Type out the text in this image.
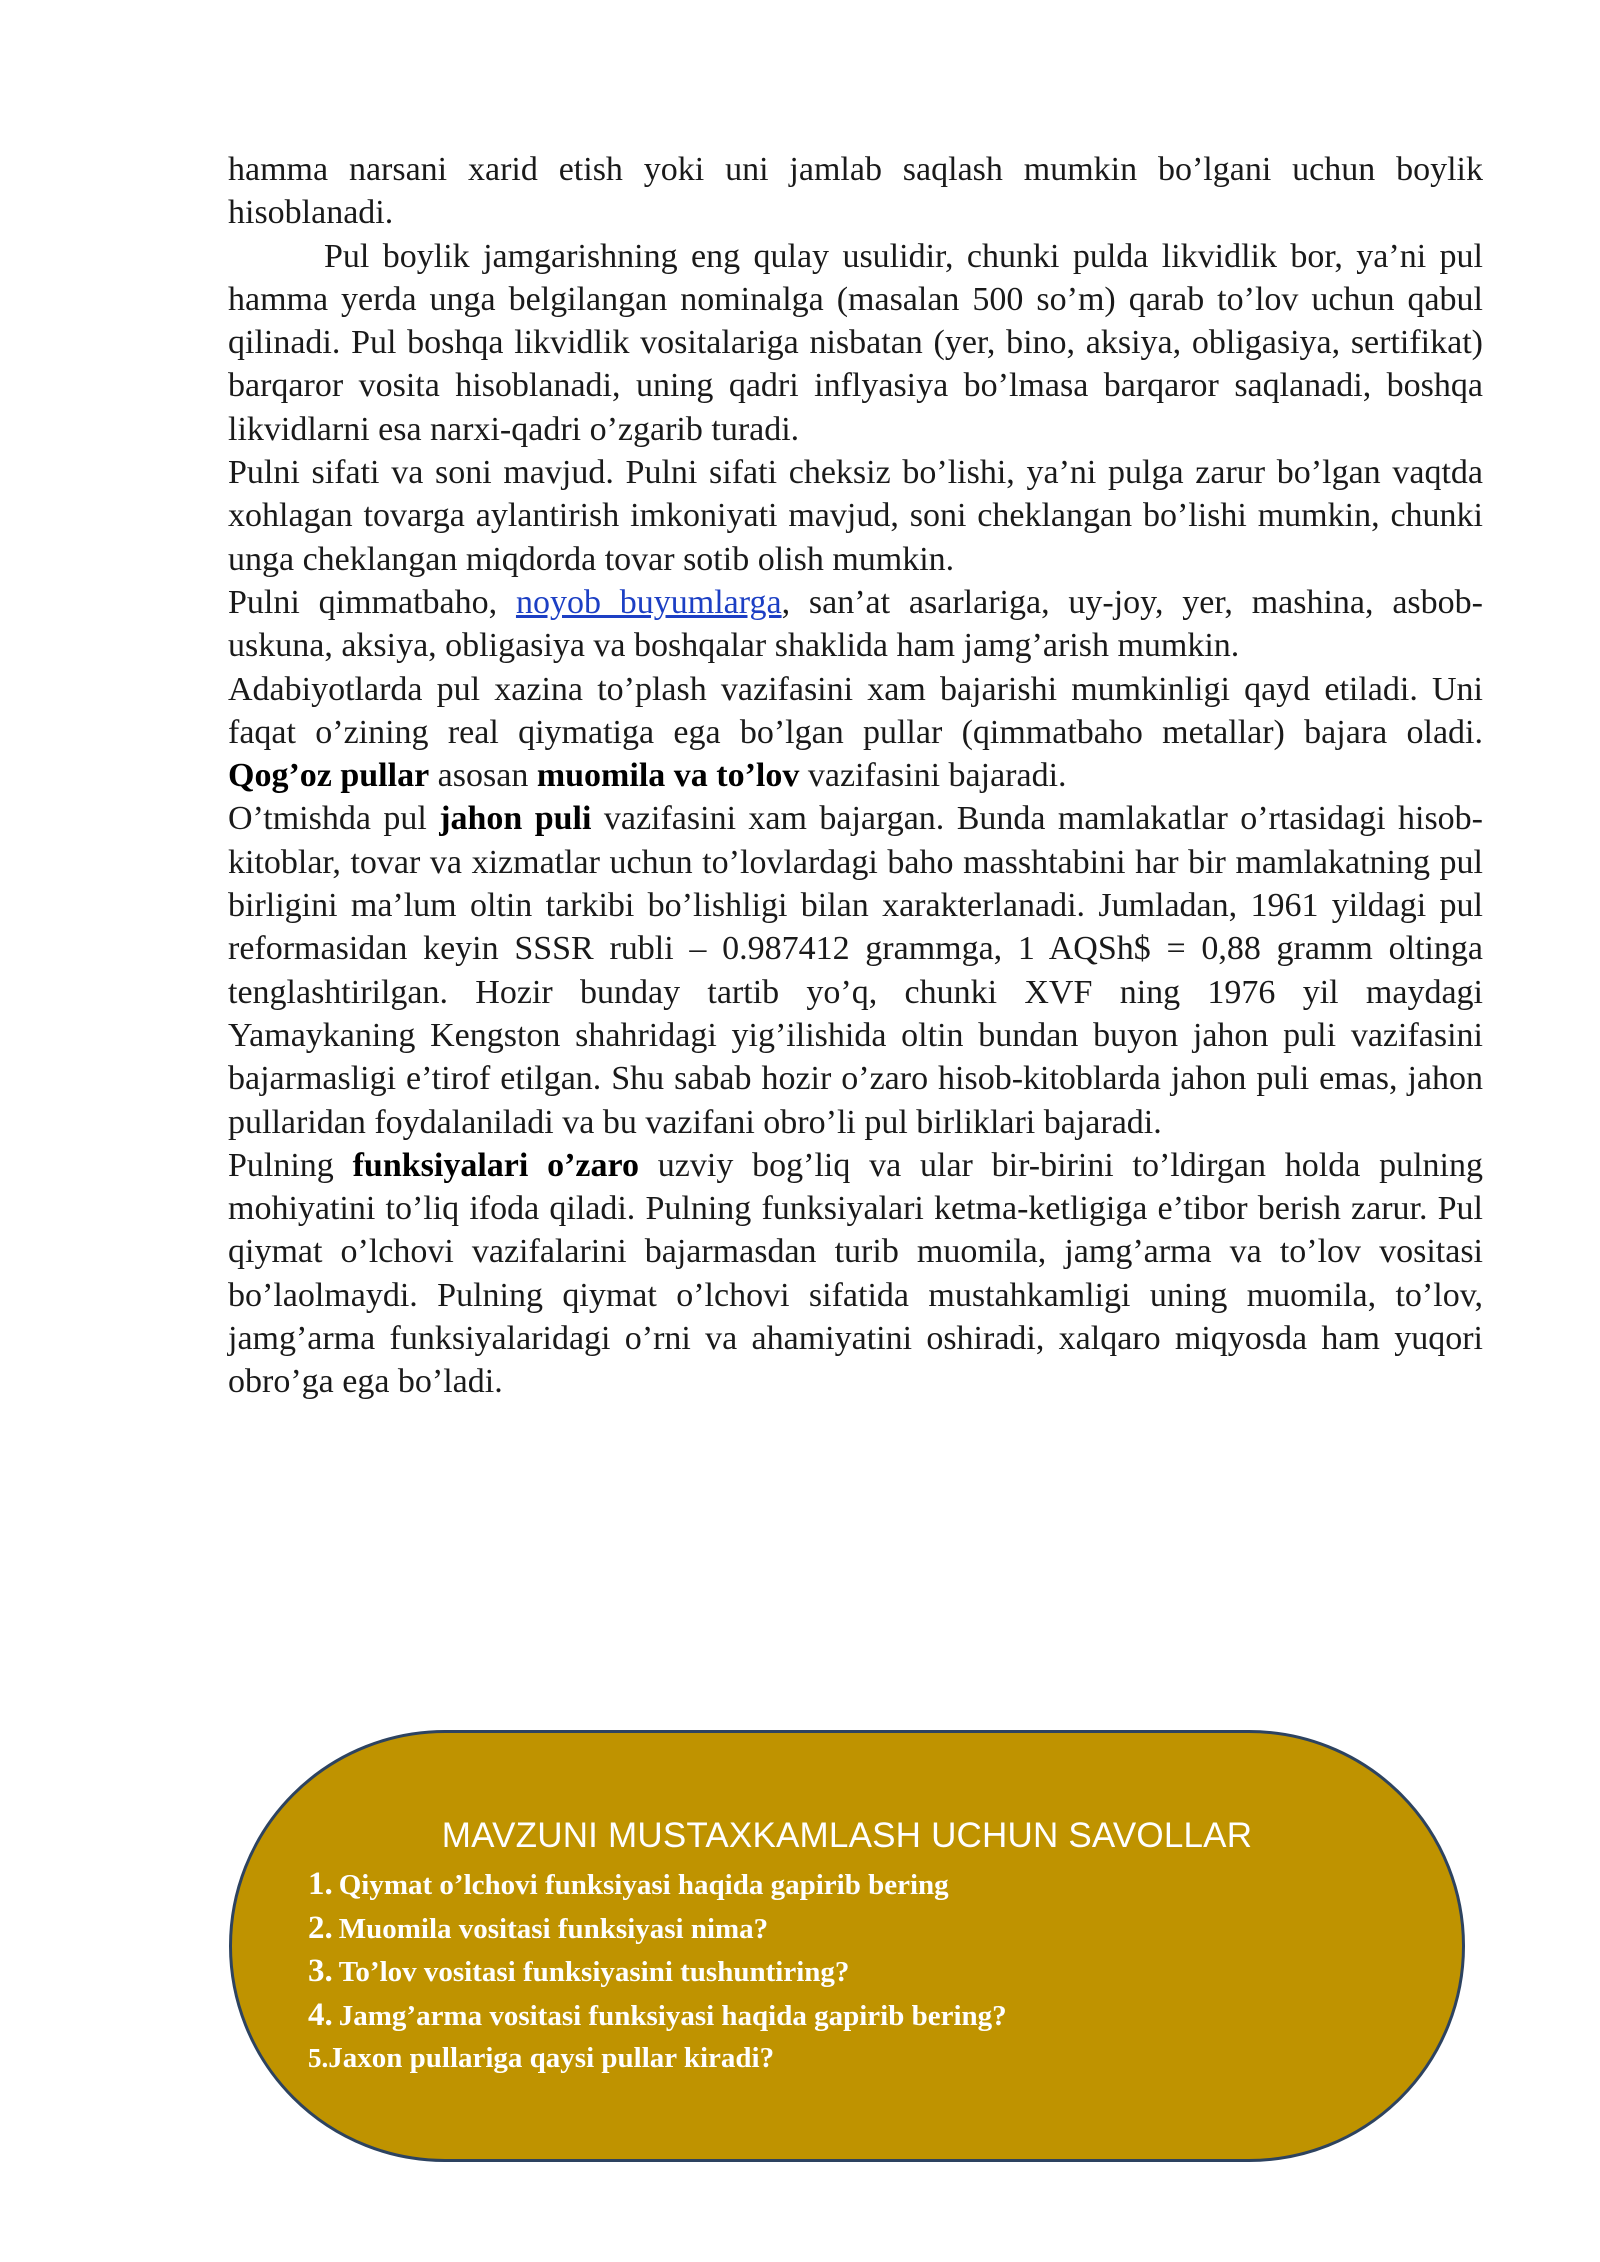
hamma narsani xarid etish yoki uni jamlab saqlash mumkin bo’lgani uchun boylik hisoblanadi.

Pul boylik jamgarishning eng qulay usulidir, chunki pulda likvidlik bor, ya’ni pul hamma yerda unga belgilangan nominalga (masalan 500 so’m) qarab to’lov uchun qabul qilinadi. Pul boshqa likvidlik vositalariga nisbatan (yer, bino, aksiya, obligasiya, sertifikat) barqaror vosita hisoblanadi, uning qadri inflyasiya bo’lmasa barqaror saqlanadi, boshqa likvidlarni esa narxi-qadri o’zgarib turadi.

Pulni sifati va soni mavjud. Pulni sifati cheksiz bo’lishi, ya’ni pulga zarur bo’lgan vaqtda xohlagan tovarga aylantirish imkoniyati mavjud, soni cheklangan bo’lishi mumkin, chunki unga cheklangan miqdorda tovar sotib olish mumkin.

Pulni qimmatbaho, noyob buyumlarga, san’at asarlariga, uy-joy, yer, mashina, asbob-uskuna, aksiya, obligasiya va boshqalar shaklida ham jamg’arish mumkin.

Adabiyotlarda pul xazina to’plash vazifasini xam bajarishi mumkinligi qayd etiladi. Uni faqat o’zining real qiymatiga ega bo’lgan pullar (qimmatbaho metallar) bajara oladi. Qog’oz pullar asosan muomila va to’lov vazifasini bajaradi.

O’tmishda pul jahon puli vazifasini xam bajargan. Bunda mamlakatlar o’rtasidagi hisob-kitoblar, tovar va xizmatlar uchun to’lovlardagi baho masshtabini har bir mamlakatning pul birligini ma’lum oltin tarkibi bo’lishligi bilan xarakterlanadi. Jumladan, 1961 yildagi pul reformasidan keyin SSSR rubli – 0.987412 grammga, 1 AQSh$ = 0,88 gramm oltinga tenglashtirilgan. Hozir bunday tartib yo’q, chunki XVF ning 1976 yil maydagi Yamaykaning Kengston shahridagi yig’ilishida oltin bundan buyon jahon puli vazifasini bajarmasligi e’tirof etilgan. Shu sabab hozir o’zaro hisob-kitoblarda jahon puli emas, jahon pullaridan foydalaniladi va bu vazifani obro’li pul birliklari bajaradi.

Pulning funksiyalari o’zaro uzviy bog’liq va ular bir-birini to’ldirgan holda pulning mohiyatini to’liq ifoda qiladi. Pulning funksiyalari ketma-ketligiga e’tibor berish zarur. Pul qiymat o’lchovi vazifalarini bajarmasdan turib muomila, jamg’arma va to’lov vositasi bo’laolmaydi. Pulning qiymat o’lchovi sifatida mustahkamligi uning muomila, to’lov, jamg’arma funksiyalaridagi o’rni va ahamiyatini oshiradi, xalqaro miqyosda ham yuqori obro’ga ega bo’ladi.

MAVZUNI MUSTAXKAMLASH UCHUN SAVOLLAR
1. Qiymat o’lchovi funksiyasi haqida gapirib bering
2. Muomila vositasi funksiyasi nima?
3. To’lov vositasi funksiyasini tushuntiring?
4. Jamg’arma vositasi funksiyasi haqida gapirib bering?
5.Jaxon pullariga qaysi pullar kiradi?
